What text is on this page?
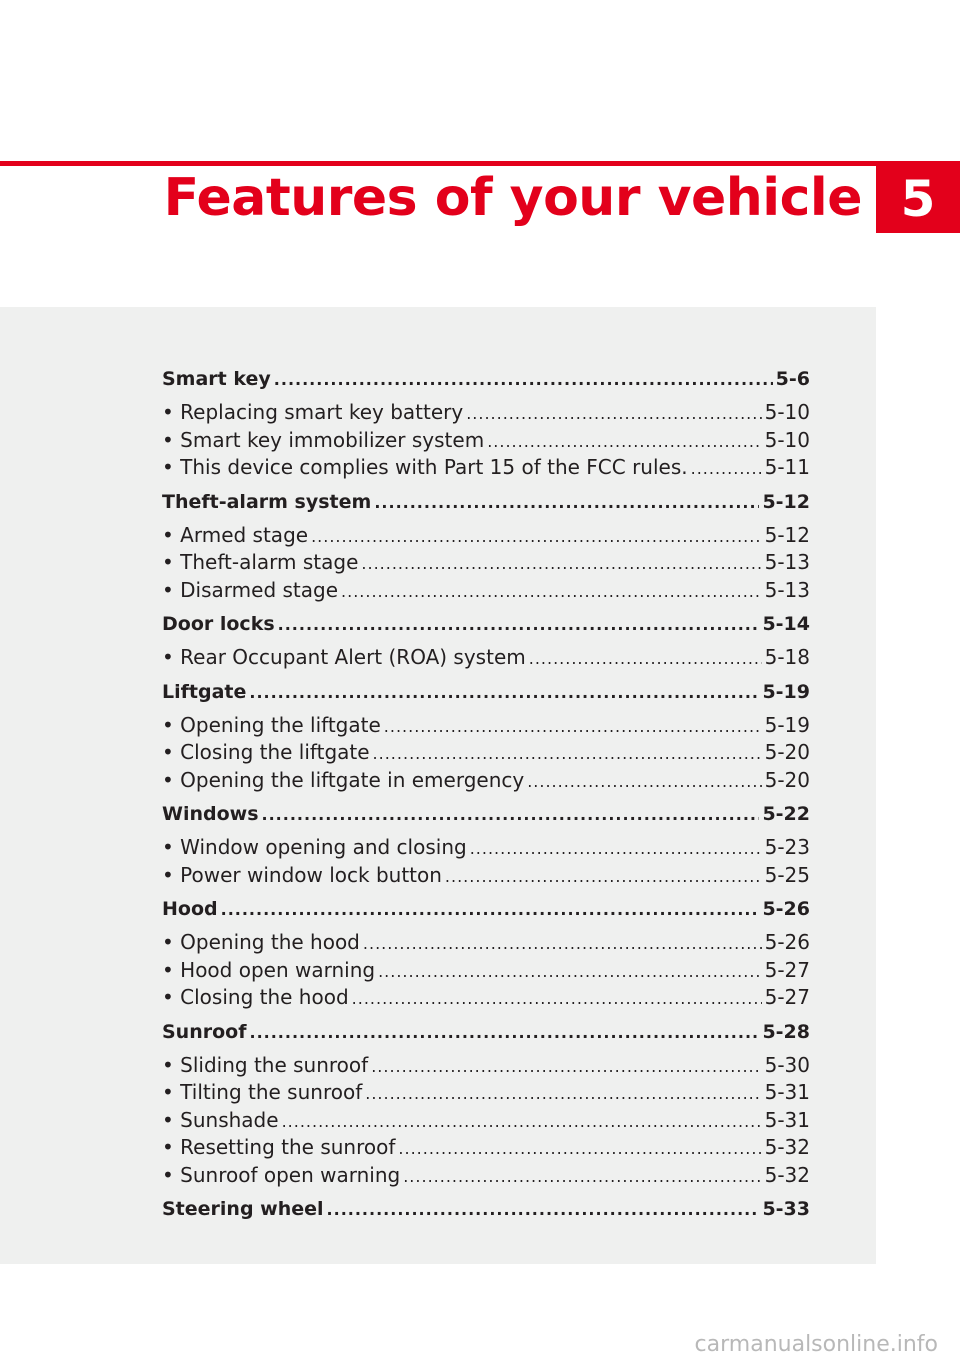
Features of your vehicle 5
Smart key .....	5-6
• Replacing smart key battery .....	5-10
• Smart key immobilizer system .....	5-10
• This device complies with Part 15 of the FCC rules. .....	5-11
Theft-alarm system .....	5-12
• Armed stage .....	5-12
• Theft-alarm stage .....	5-13
• Disarmed stage .....	5-13
Door locks .....	5-14
• Rear Occupant Alert (ROA) system .....	5-18
Liftgate .....	5-19
• Opening the liftgate .....	5-19
• Closing the liftgate .....	5-20
• Opening the liftgate in emergency .....	5-20
Windows .....	5-22
• Window opening and closing .....	5-23
• Power window lock button .....	5-25
Hood .....	5-26
• Opening the hood .....	5-26
• Hood open warning .....	5-27
• Closing the hood .....	5-27
Sunroof .....	5-28
• Sliding the sunroof .....	5-30
• Tilting the sunroof .....	5-31
• Sunshade .....	5-31
• Resetting the sunroof .....	5-32
• Sunroof open warning .....	5-32
Steering wheel .....	5-33
carmanualsonline.info
